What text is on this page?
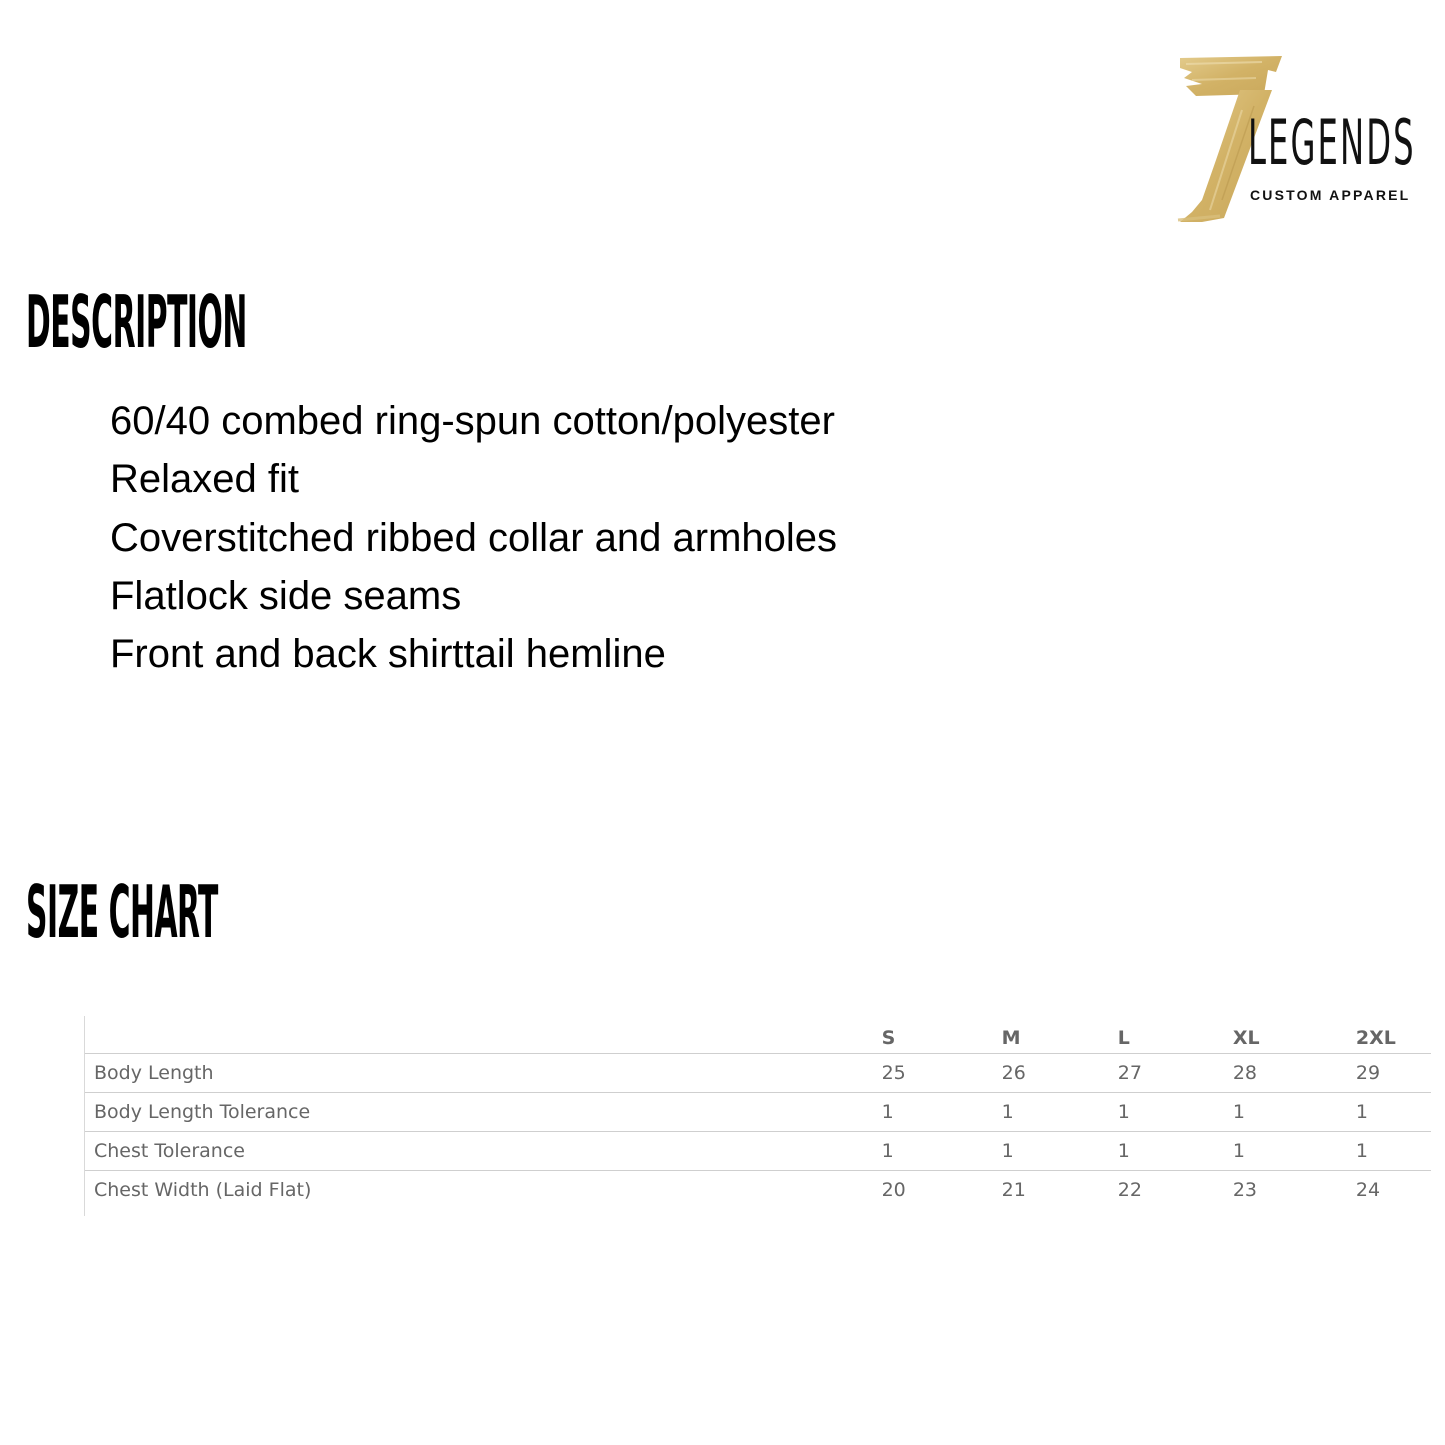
LEGENDS
CUSTOM APPAREL
DESCRIPTION
60/40 combed ring-spun cotton/polyester
Relaxed fit
Coverstitched ribbed collar and armholes
Flatlock side seams
Front and back shirttail hemline
SIZE CHART
	S	M	L	XL	2XL
Body Length	25	26	27	28	29
Body Length Tolerance	1	1	1	1	1
Chest Tolerance	1	1	1	1	1
Chest Width (Laid Flat)	20	21	22	23	24
